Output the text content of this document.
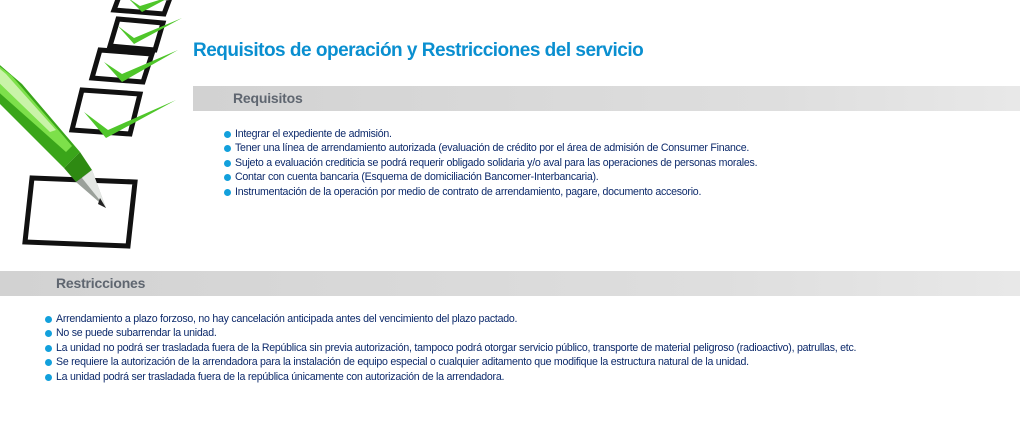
Requisitos de operación y Restricciones del servicio
Requisitos
Integrar el expediente de admisión.
Tener una línea de arrendamiento autorizada (evaluación de crédito por el área de admisión de Consumer Finance.
Sujeto a evaluación crediticia se podrá requerir obligado solidaria y/o aval para las operaciones de personas morales.
Contar con cuenta bancaria (Esquema de domiciliación Bancomer-Interbancaria).
Instrumentación de la operación por medio de contrato de arrendamiento, pagare, documento accesorio.
Restricciones
Arrendamiento a plazo forzoso, no hay cancelación anticipada antes del vencimiento del plazo pactado.
No se puede subarrendar la unidad.
La unidad no podrá ser trasladada fuera de la República sin previa autorización, tampoco podrá otorgar servicio público, transporte de material peligroso (radioactivo), patrullas, etc.
Se requiere la autorización de la arrendadora para la instalación de equipo especial o cualquier aditamento que modifique la estructura natural de la unidad.
La unidad podrá ser trasladada fuera de la república únicamente con autorización de la arrendadora.
